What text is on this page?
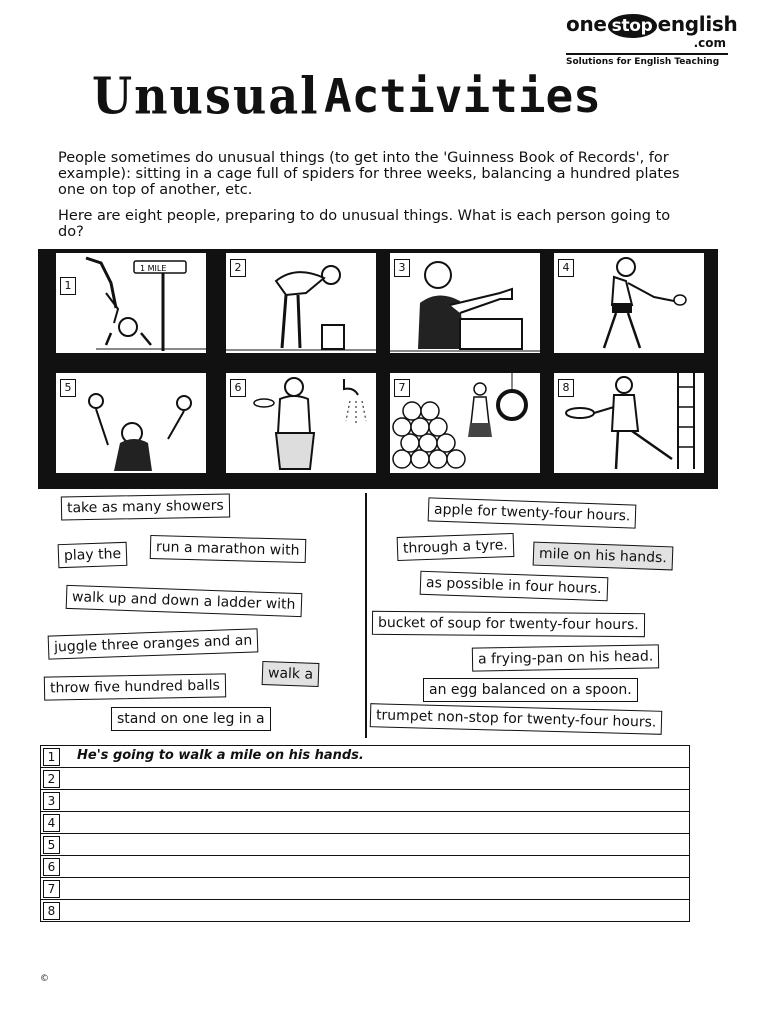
one stop english
.com
Solutions for English Teaching
Unusual Activities

People sometimes do unusual things (to get into the 'Guinness Book of Records', for example): sitting in a cage full of spiders for three weeks, balancing a hundred plates one on top of another, etc.

Here are eight people, preparing to do unusual things. What is each person going to do?

1
1 MILE	2	3	4
5	6	7	8
take as many showers
play the	run a marathon with
walk up and down a ladder with
juggle three oranges and an
throw five hundred balls
walk a
stand on one leg in a
apple for twenty-four hours.
through a tyre.	mile on his hands.
as possible in four hours.
bucket of soup for twenty-four hours.
a frying-pan on his head.
an egg balanced on a spoon.
trumpet non-stop for twenty-four hours.
1	He's going to walk a mile on his hands.
2
3
4
5
6
7
8
©
